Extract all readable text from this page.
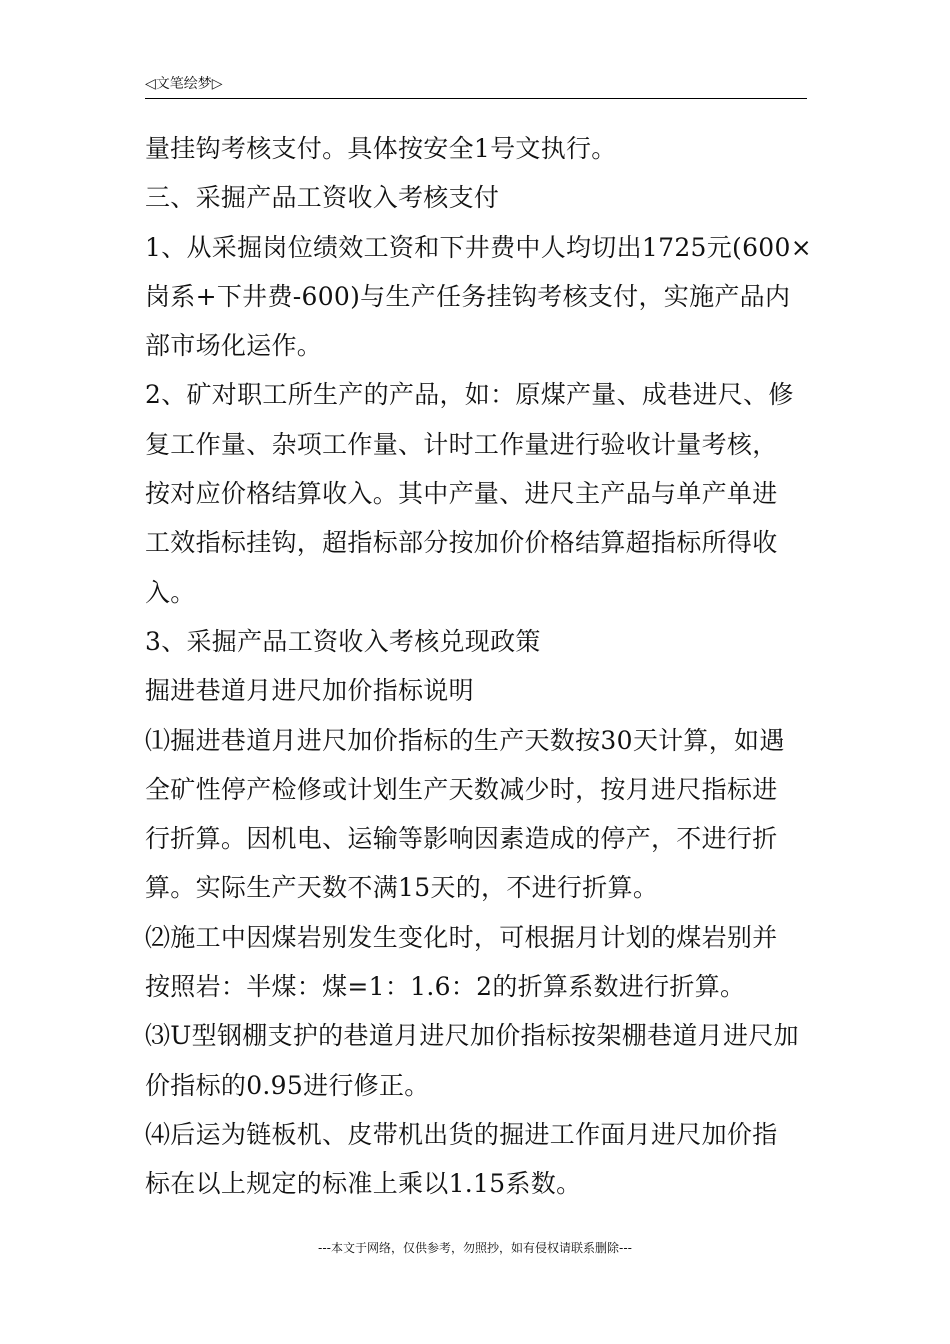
◁文笔绘梦▷

量挂钩考核支付。具体按安全1号文执行。

三、采掘产品工资收入考核支付

1、从采掘岗位绩效工资和下井费中人均切出1725元(600×

岗系+下井费-600)与生产任务挂钩考核支付，实施产品内

部市场化运作。

2、矿对职工所生产的产品，如：原煤产量、成巷进尺、修

复工作量、杂项工作量、计时工作量进行验收计量考核，

按对应价格结算收入。其中产量、进尺主产品与单产单进

工效指标挂钩，超指标部分按加价价格结算超指标所得收

入。

3、采掘产品工资收入考核兑现政策

掘进巷道月进尺加价指标说明

⑴掘进巷道月进尺加价指标的生产天数按30天计算，如遇

全矿性停产检修或计划生产天数减少时，按月进尺指标进

行折算。因机电、运输等影响因素造成的停产，不进行折

算。实际生产天数不满15天的，不进行折算。

⑵施工中因煤岩别发生变化时，可根据月计划的煤岩别并

按照岩：半煤：煤=1：1.6：2的折算系数进行折算。

⑶U型钢棚支护的巷道月进尺加价指标按架棚巷道月进尺加

价指标的0.95进行修正。

⑷后运为链板机、皮带机出货的掘进工作面月进尺加价指

标在以上规定的标准上乘以1.15系数。

---本文于网络，仅供参考，勿照抄，如有侵权请联系删除---
